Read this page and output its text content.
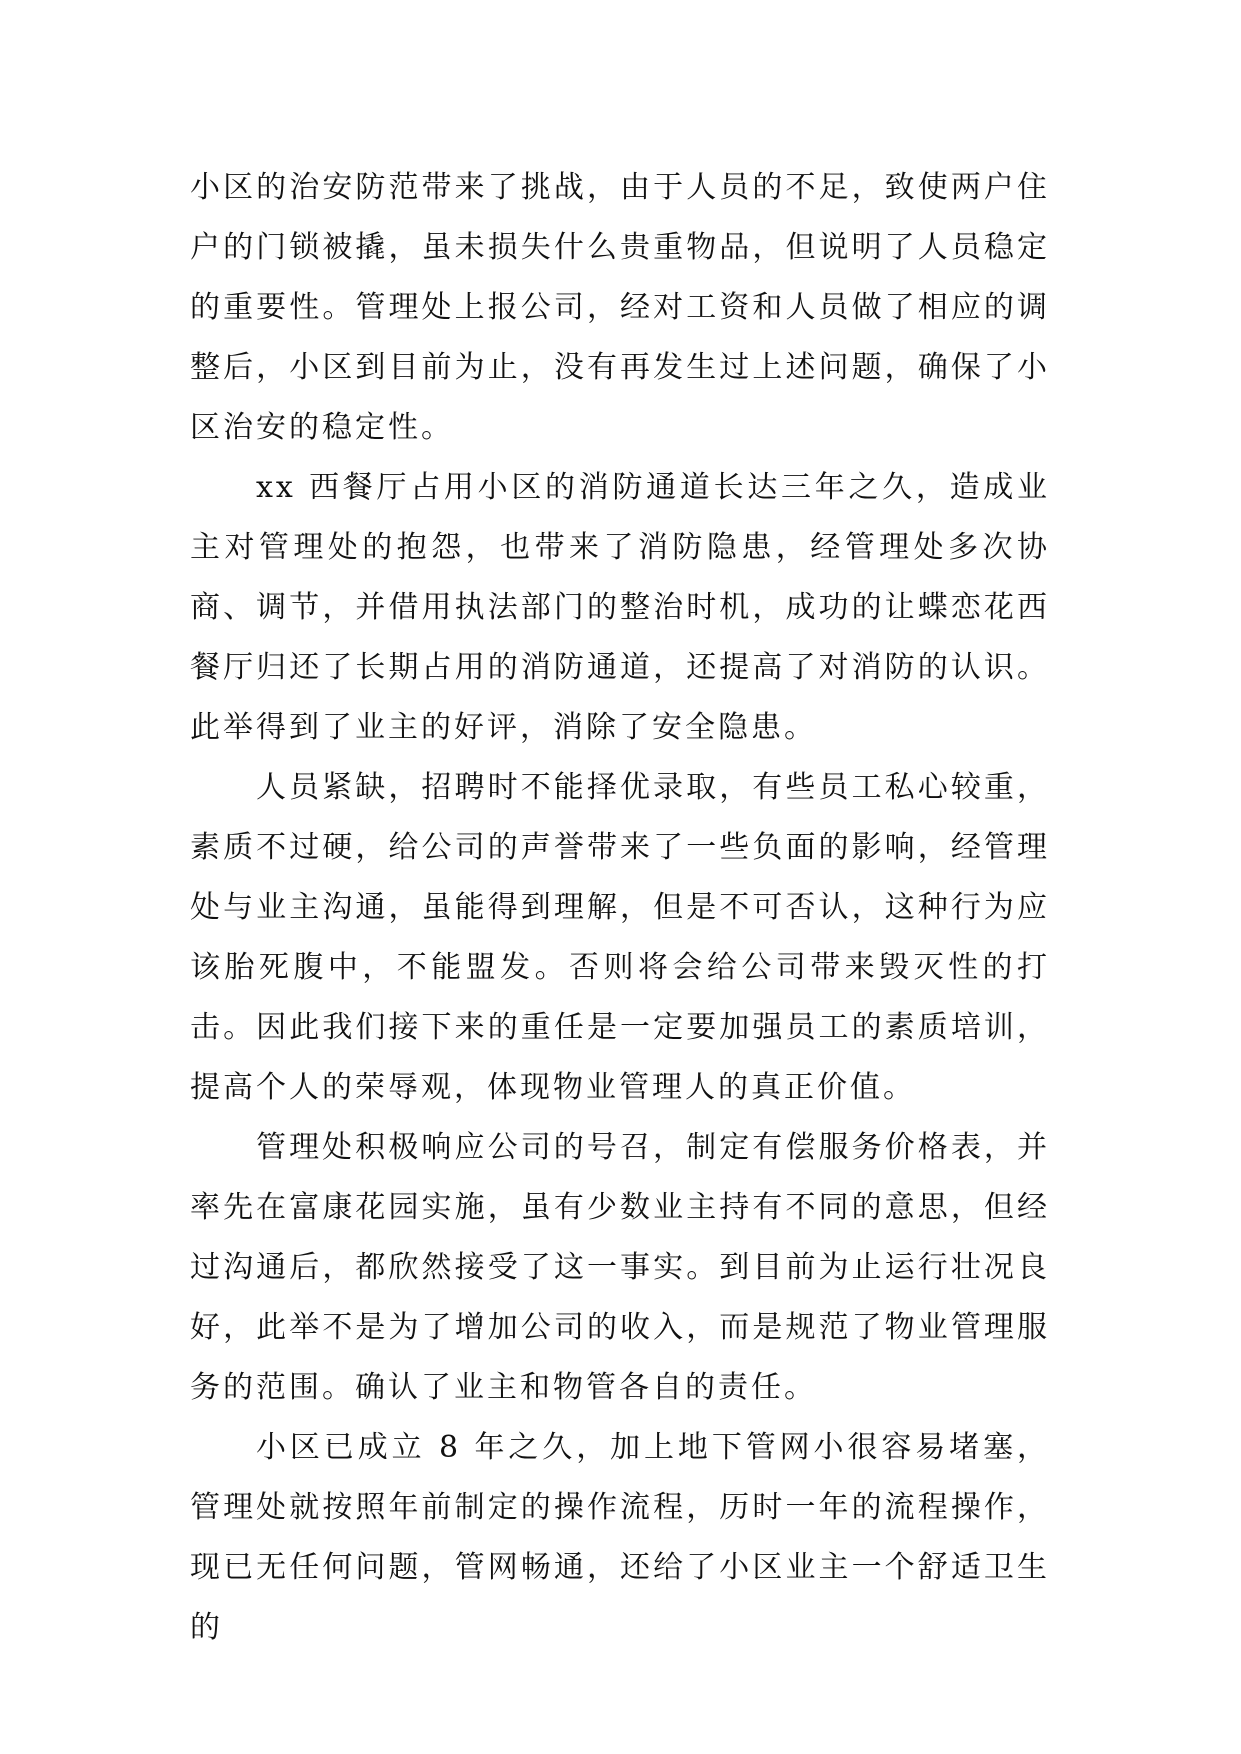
小区的治安防范带来了挑战，由于人员的不足，致使两户住户的门锁被撬，虽未损失什么贵重物品，但说明了人员稳定的重要性。管理处上报公司，经对工资和人员做了相应的调整后，小区到目前为止，没有再发生过上述问题，确保了小区治安的稳定性。

xx 西餐厅占用小区的消防通道长达三年之久，造成业主对管理处的抱怨，也带来了消防隐患，经管理处多次协商、调节，并借用执法部门的整治时机，成功的让蝶恋花西餐厅归还了长期占用的消防通道，还提高了对消防的认识。此举得到了业主的好评，消除了安全隐患。

人员紧缺，招聘时不能择优录取，有些员工私心较重，素质不过硬，给公司的声誉带来了一些负面的影响，经管理处与业主沟通，虽能得到理解，但是不可否认，这种行为应该胎死腹中，不能盟发。否则将会给公司带来毁灭性的打击。因此我们接下来的重任是一定要加强员工的素质培训，提高个人的荣辱观，体现物业管理人的真正价值。

管理处积极响应公司的号召，制定有偿服务价格表，并率先在富康花园实施，虽有少数业主持有不同的意思，但经过沟通后，都欣然接受了这一事实。到目前为止运行壮况良好，此举不是为了增加公司的收入，而是规范了物业管理服务的范围。确认了业主和物管各自的责任。

小区已成立 8 年之久，加上地下管网小很容易堵塞，管理处就按照年前制定的操作流程，历时一年的流程操作，现已无任何问题，管网畅通，还给了小区业主一个舒适卫生的
